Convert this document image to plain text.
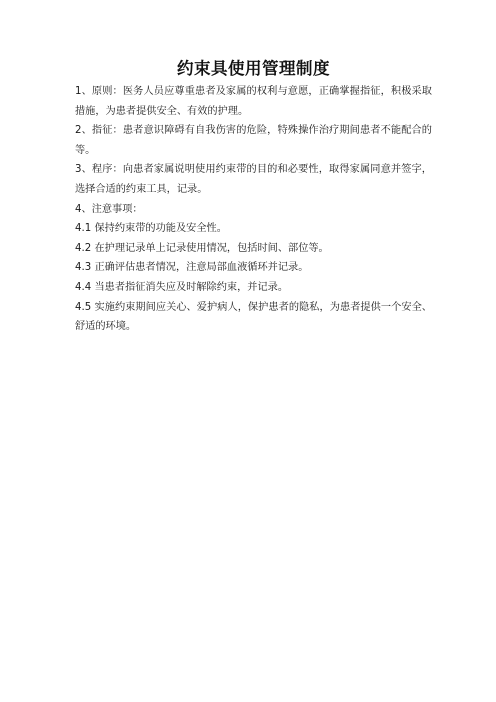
约束具使用管理制度

1、原则：医务人员应尊重患者及家属的权利与意愿，正确掌握指征，积极采取措施，为患者提供安全、有效的护理。

2、指征：患者意识障碍有自我伤害的危险，特殊操作治疗期间患者不能配合的等。

3、程序：向患者家属说明使用约束带的目的和必要性，取得家属同意并签字，选择合适的约束工具，记录。

4、注意事项：

4.1 保持约束带的功能及安全性。

4.2 在护理记录单上记录使用情况，包括时间、部位等。

4.3 正确评估患者情况，注意局部血液循环并记录。

4.4 当患者指征消失应及时解除约束，并记录。

4.5 实施约束期间应关心、爱护病人，保护患者的隐私，为患者提供一个安全、舒适的环境。
